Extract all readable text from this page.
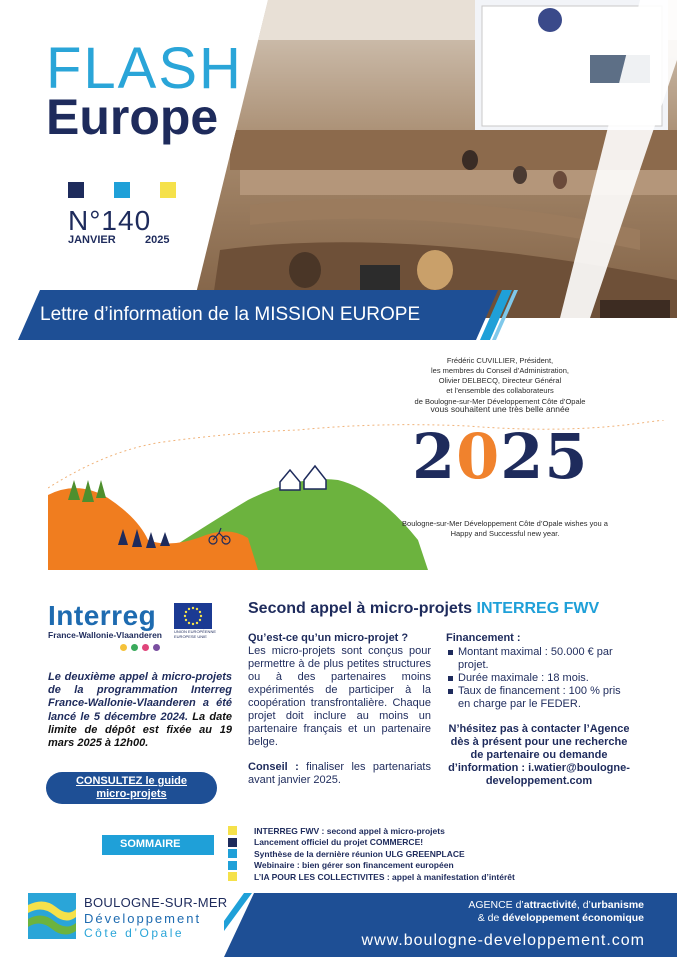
FLASH
Europe
N°140
JANVIER	2025
Lettre d’information de la MISSION EUROPE
Frédéric CUVILLIER, Président,
les membres du Conseil d’Administration,
Olivier DELBECQ, Directeur Général
et l’ensemble des collaborateurs
de Boulogne-sur-Mer Développement Côte d’Opale
vous souhaitent une très belle année
2025
Boulogne-sur-Mer Développement Côte d’Opale wishes you a
Happy and Successful new year.
Interreg
France-Wallonie-Vlaanderen	UNION EUROPÉENNE EUROPESE UNIE
Le deuxième appel à micro-projets de la programmation Interreg France-Wallonie-Vlaanderen a été lancé le 5 décembre 2024. La date limite de dépôt est fixée au 19 mars 2025 à 12h00.
CONSULTEZ le guide
micro-projets
Second appel à micro-projets INTERREG FWV
Qu’est-ce qu’un micro-projet ?
Les micro-projets sont conçus pour permettre à de plus petites structures ou à des partenaires moins expérimentés de participer à la coopération transfrontalière. Chaque projet doit inclure au moins un partenaire français et un partenaire belge.
Conseil : finaliser les partenariats avant janvier 2025.
Financement :
Montant maximal : 50.000 € par projet.
Durée maximale : 18 mois.
Taux de financement : 100 % pris en charge par le FEDER.
N’hésitez pas à contacter l’Agence dès à présent pour une recherche de partenaire ou demande d’information : i.watier@boulogne-developpement.com
SOMMAIRE
INTERREG FWV : second appel à micro-projets
Lancement officiel du projet COMMERCE!
Synthèse de la dernière réunion ULG GREENPLACE
Webinaire : bien gérer son financement européen
L’IA POUR LES COLLECTIVITES : appel à manifestation d’intérêt
BOULOGNE-SUR-MER
Développement
Côte d’Opale
AGENCE d’attractivité, d’urbanisme
& de développement économique
www.boulogne-developpement.com
